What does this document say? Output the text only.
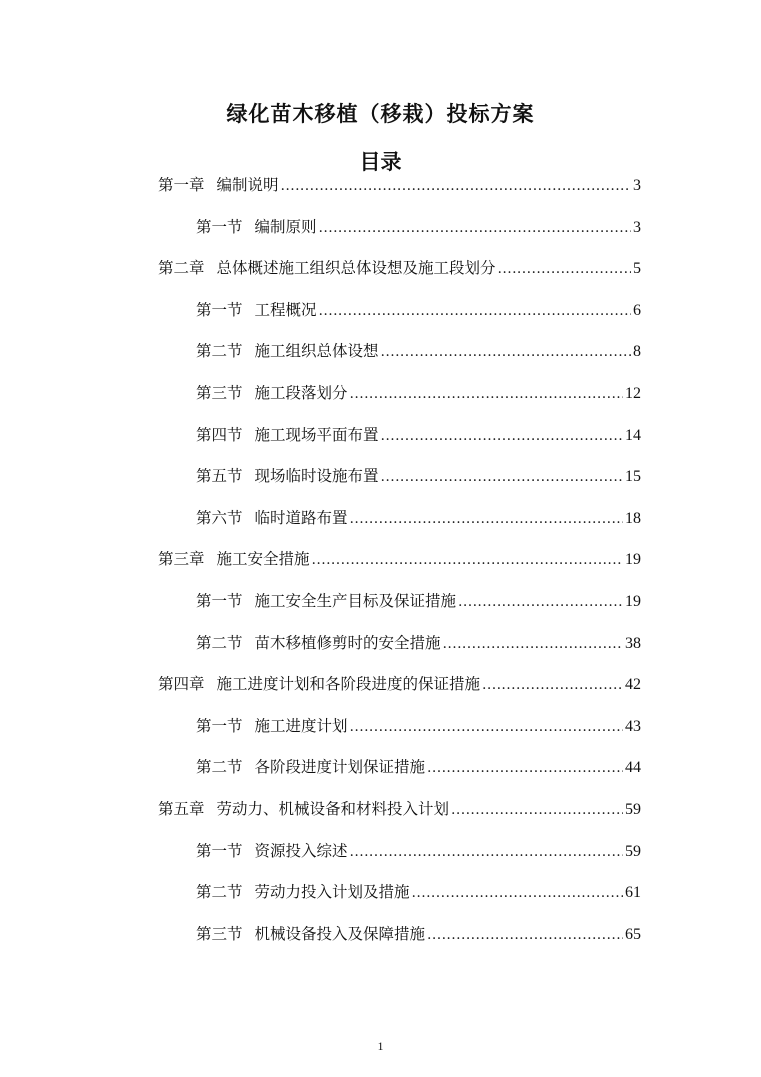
绿化苗木移植（移栽）投标方案
目录
第一章 编制说明 .....	3
第一节 编制原则 .....	3
第二章 总体概述施工组织总体设想及施工段划分 .....	5
第一节 工程概况 .....	6
第二节 施工组织总体设想 .....	8
第三节 施工段落划分 .....	12
第四节 施工现场平面布置 .....	14
第五节 现场临时设施布置 .....	15
第六节 临时道路布置 .....	18
第三章 施工安全措施 .....	19
第一节 施工安全生产目标及保证措施 .....	19
第二节 苗木移植修剪时的安全措施 .....	38
第四章 施工进度计划和各阶段进度的保证措施 .....	42
第一节 施工进度计划 .....	43
第二节 各阶段进度计划保证措施 .....	44
第五章 劳动力、机械设备和材料投入计划 .....	59
第一节 资源投入综述 .....	59
第二节 劳动力投入计划及措施 .....	61
第三节 机械设备投入及保障措施 .....	65
1
